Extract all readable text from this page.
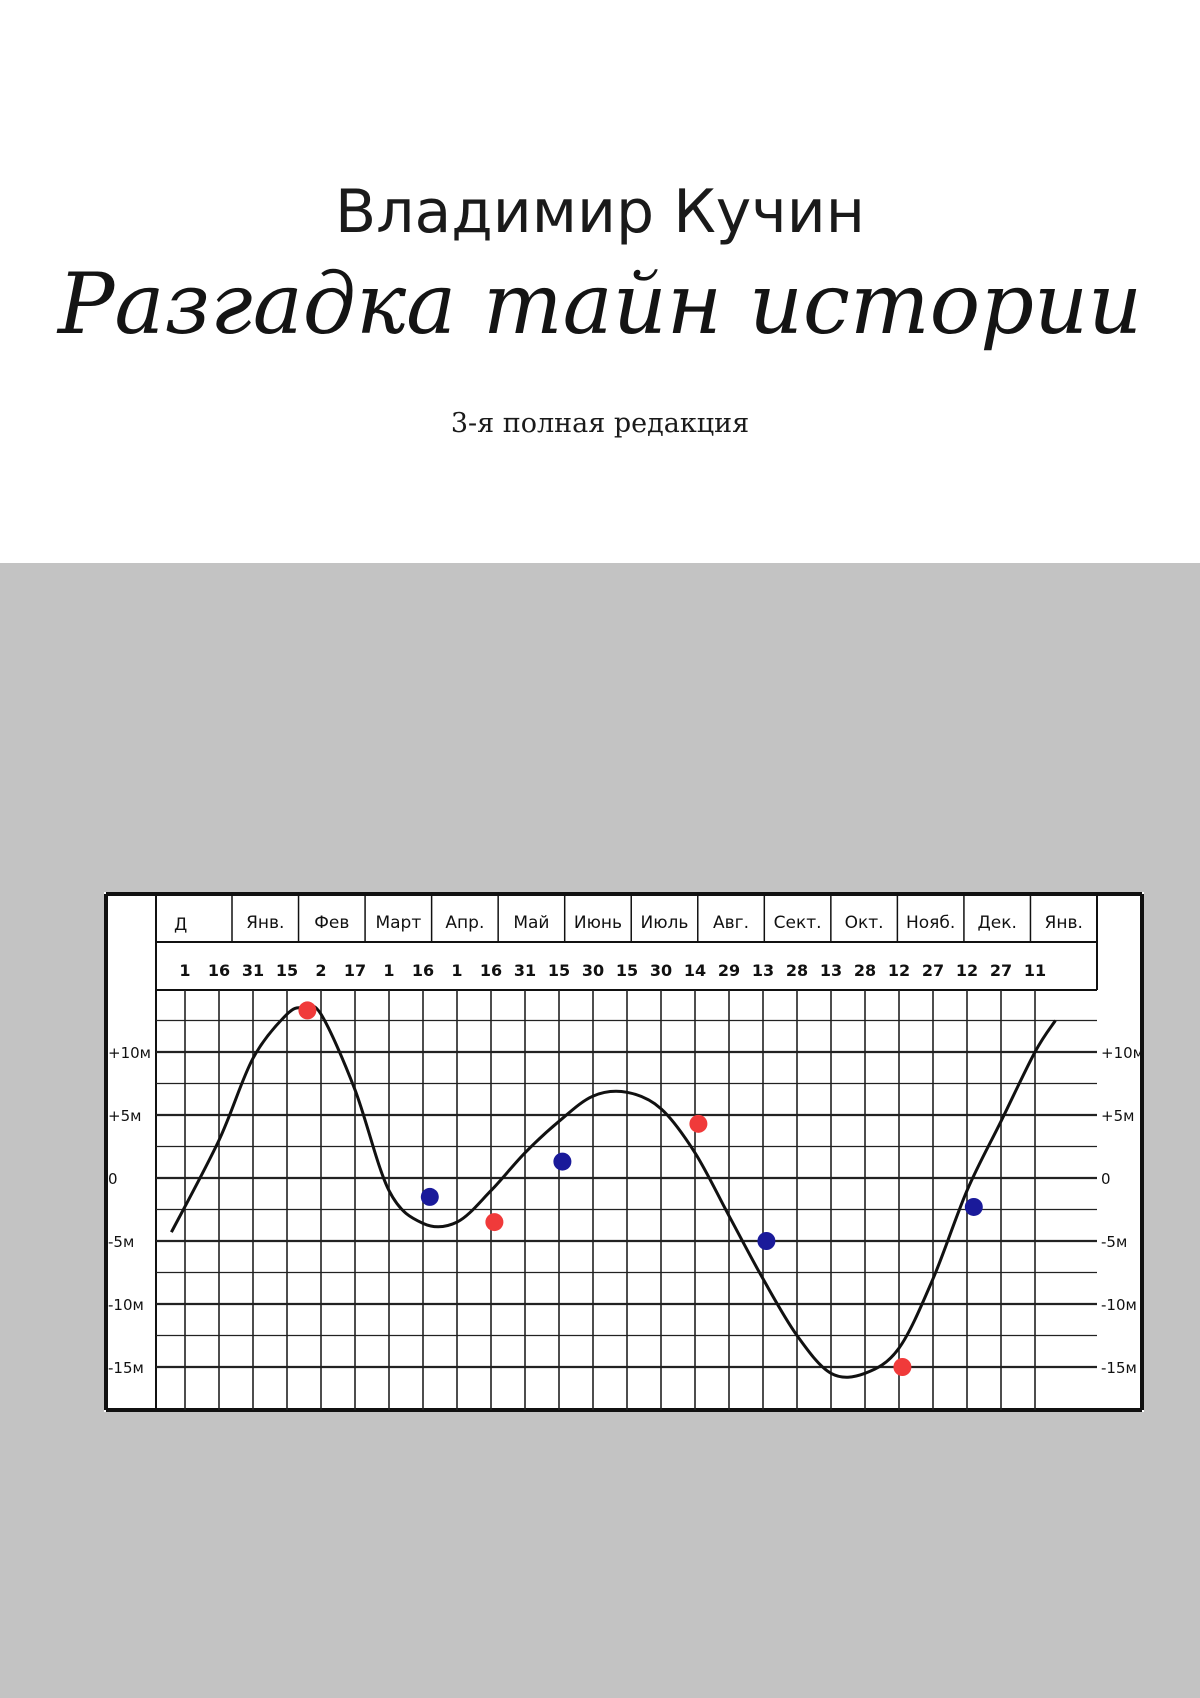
Владимир Кучин
Разгадка тайн истории
3-я полная редакция
Д	Янв. Фев Март Апр. Май Июнь Июль Авг. Сект. Окт. Нояб. Дек. Янв.
1 16 31 15 2 17 1 16 1 16 31 15 30 15 30 14 29 13 28 13 28 12 27 12 27 11
+10м	+10м
+5м	+5м
0	0
-5м	-5м
-10м	-10м
-15м	-15м
